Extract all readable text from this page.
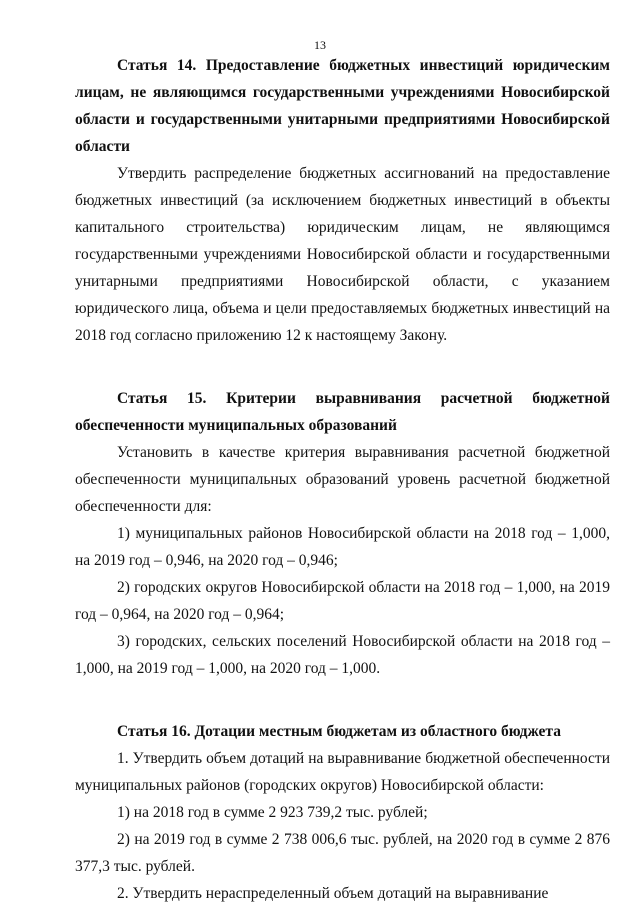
13

Статья 14. Предоставление бюджетных инвестиций юридическим лицам, не являющимся государственными учреждениями Новосибирской области и государственными унитарными предприятиями Новосибирской области

Утвердить распределение бюджетных ассигнований на предоставление бюджетных инвестиций (за исключением бюджетных инвестиций в объекты капитального строительства) юридическим лицам, не являющимся государственными учреждениями Новосибирской области и государственными унитарными предприятиями Новосибирской области, с указанием юридического лица, объема и цели предоставляемых бюджетных инвестиций на 2018 год согласно приложению 12 к настоящему Закону.

Статья 15. Критерии выравнивания расчетной бюджетной обеспеченности муниципальных образований

Установить в качестве критерия выравнивания расчетной бюджетной обеспеченности муниципальных образований уровень расчетной бюджетной обеспеченности для:

1) муниципальных районов Новосибирской области на 2018 год – 1,000, на 2019 год – 0,946, на 2020 год – 0,946;

2) городских округов Новосибирской области на 2018 год – 1,000, на 2019 год – 0,964, на 2020 год – 0,964;

3) городских, сельских поселений Новосибирской области на 2018 год – 1,000, на 2019 год – 1,000, на 2020 год – 1,000.

Статья 16. Дотации местным бюджетам из областного бюджета

1. Утвердить объем дотаций на выравнивание бюджетной обеспеченности муниципальных районов (городских округов) Новосибирской области:

1) на 2018 год в сумме 2 923 739,2 тыс. рублей;

2) на 2019 год в сумме 2 738 006,6 тыс. рублей, на 2020 год в сумме 2 876 377,3 тыс. рублей.

2. Утвердить нераспределенный объем дотаций на выравнивание
